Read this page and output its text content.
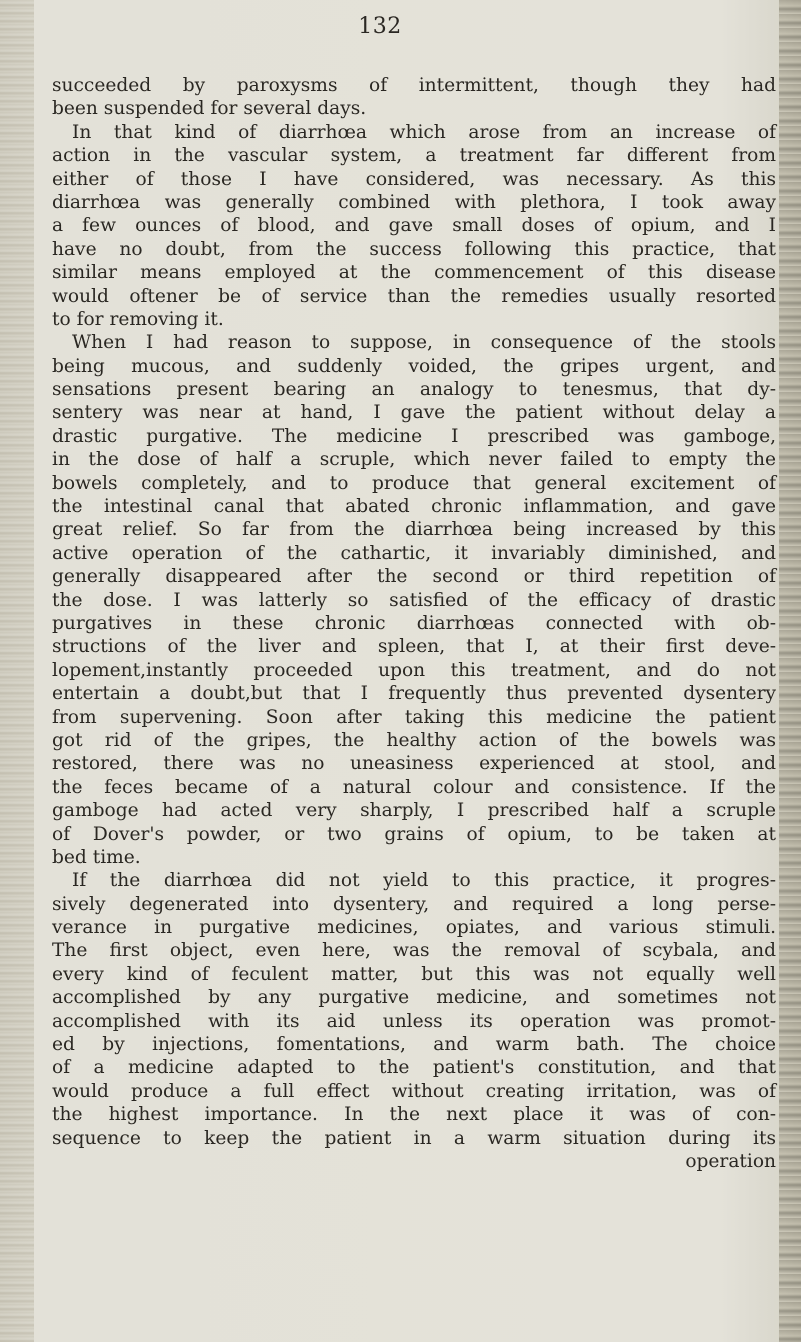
132
succeeded by paroxysms of intermittent, though they had
been suspended for several days.
In that kind of diarrhœa which arose from an increase of
action in the vascular system, a treatment far different from
either of those I have considered, was necessary. As this
diarrhœa was generally combined with plethora, I took away
a few ounces of blood, and gave small doses of opium, and I
have no doubt, from the success following this practice, that
similar means employed at the commencement of this disease
would oftener be of service than the remedies usually resorted
to for removing it.
When I had reason to suppose, in consequence of the stools
being mucous, and suddenly voided, the gripes urgent, and
sensations present bearing an analogy to tenesmus, that dy-
sentery was near at hand, I gave the patient without delay a
drastic purgative. The medicine I prescribed was gamboge,
in the dose of half a scruple, which never failed to empty the
bowels completely, and to produce that general excitement of
the intestinal canal that abated chronic inflammation, and gave
great relief. So far from the diarrhœa being increased by this
active operation of the cathartic, it invariably diminished, and
generally disappeared after the second or third repetition of
the dose. I was latterly so satisfied of the efficacy of drastic
purgatives in these chronic diarrhœas connected with ob-
structions of the liver and spleen, that I, at their first deve-
lopement,instantly proceeded upon this treatment, and do not
entertain a doubt,but that I frequently thus prevented dysentery
from supervening. Soon after taking this medicine the patient
got rid of the gripes, the healthy action of the bowels was
restored, there was no uneasiness experienced at stool, and
the feces became of a natural colour and consistence. If the
gamboge had acted very sharply, I prescribed half a scruple
of Dover's powder, or two grains of opium, to be taken at
bed time.
If the diarrhœa did not yield to this practice, it progres-
sively degenerated into dysentery, and required a long perse-
verance in purgative medicines, opiates, and various stimuli.
The first object, even here, was the removal of scybala, and
every kind of feculent matter, but this was not equally well
accomplished by any purgative medicine, and sometimes not
accomplished with its aid unless its operation was promot-
ed by injections, fomentations, and warm bath. The choice
of a medicine adapted to the patient's constitution, and that
would produce a full effect without creating irritation, was of
the highest importance. In the next place it was of con-
sequence to keep the patient in a warm situation during its
operation
